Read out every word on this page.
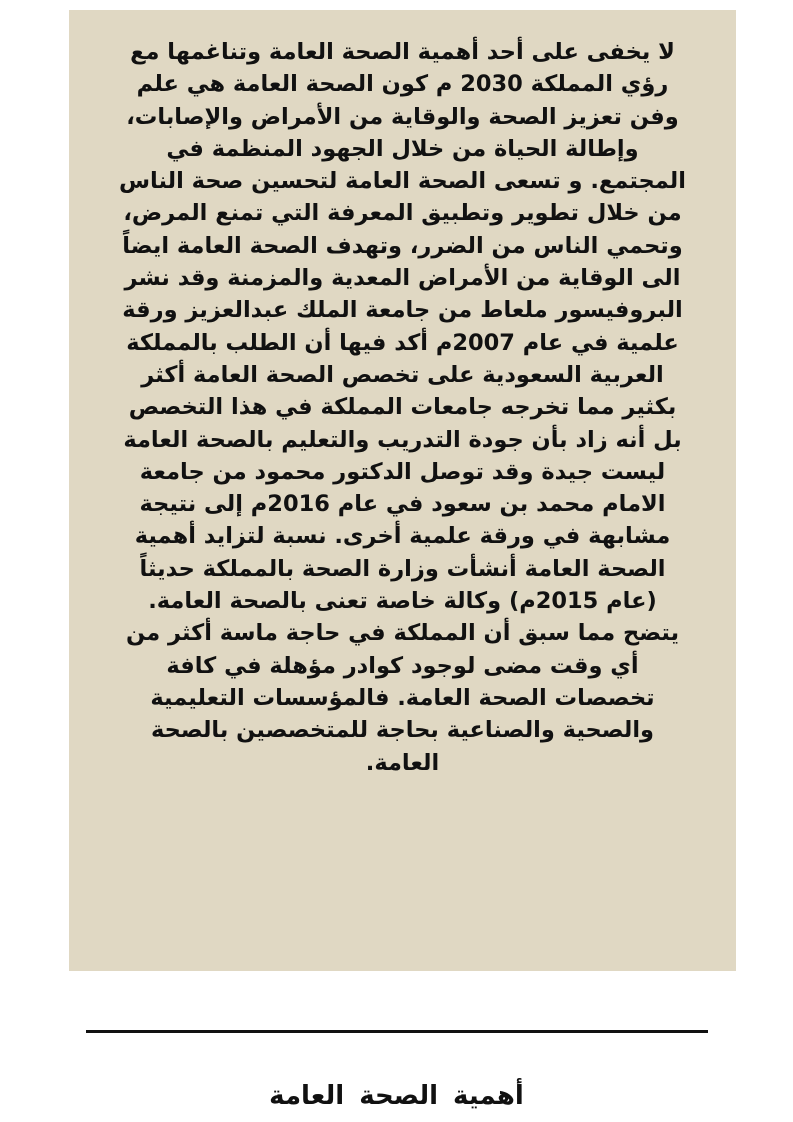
لا يخفى على أحد أهمية الصحة العامة وتناغمها مع رؤي المملكة 2030 م كون الصحة العامة هي علم وفن تعزيز الصحة والوقاية من الأمراض والإصابات، وإطالة الحياة من خلال الجهود المنظمة في المجتمع. و تسعى الصحة العامة لتحسين صحة الناس من خلال تطوير وتطبيق المعرفة التي تمنع المرض، وتحمي الناس من الضرر، وتهدف الصحة العامة ايضاً الى الوقاية من الأمراض المعدية والمزمنة وقد نشر البروفيسور ملعاط من جامعة الملك عبدالعزيز ورقة علمية في عام 2007م أكد فيها أن الطلب بالمملكة العربية السعودية على تخصص الصحة العامة أكثر بكثير مما تخرجه جامعات المملكة في هذا التخصص بل أنه زاد بأن جودة التدريب والتعليم بالصحة العامة ليست جيدة وقد توصل الدكتور محمود من جامعة الامام محمد بن سعود في عام 2016م إلى نتيجة مشابهة في ورقة علمية أخرى. نسبة لتزايد أهمية الصحة العامة أنشأت وزارة الصحة بالمملكة حديثاً (عام 2015م) وكالة خاصة تعنى بالصحة العامة.

يتضح مما سبق أن المملكة في حاجة ماسة أكثر من أي وقت مضى لوجود كوادر مؤهلة في كافة تخصصات الصحة العامة. فالمؤسسات التعليمية والصحية والصناعية بحاجة للمتخصصين بالصحة العامة.

أهمية الصحة العامة
